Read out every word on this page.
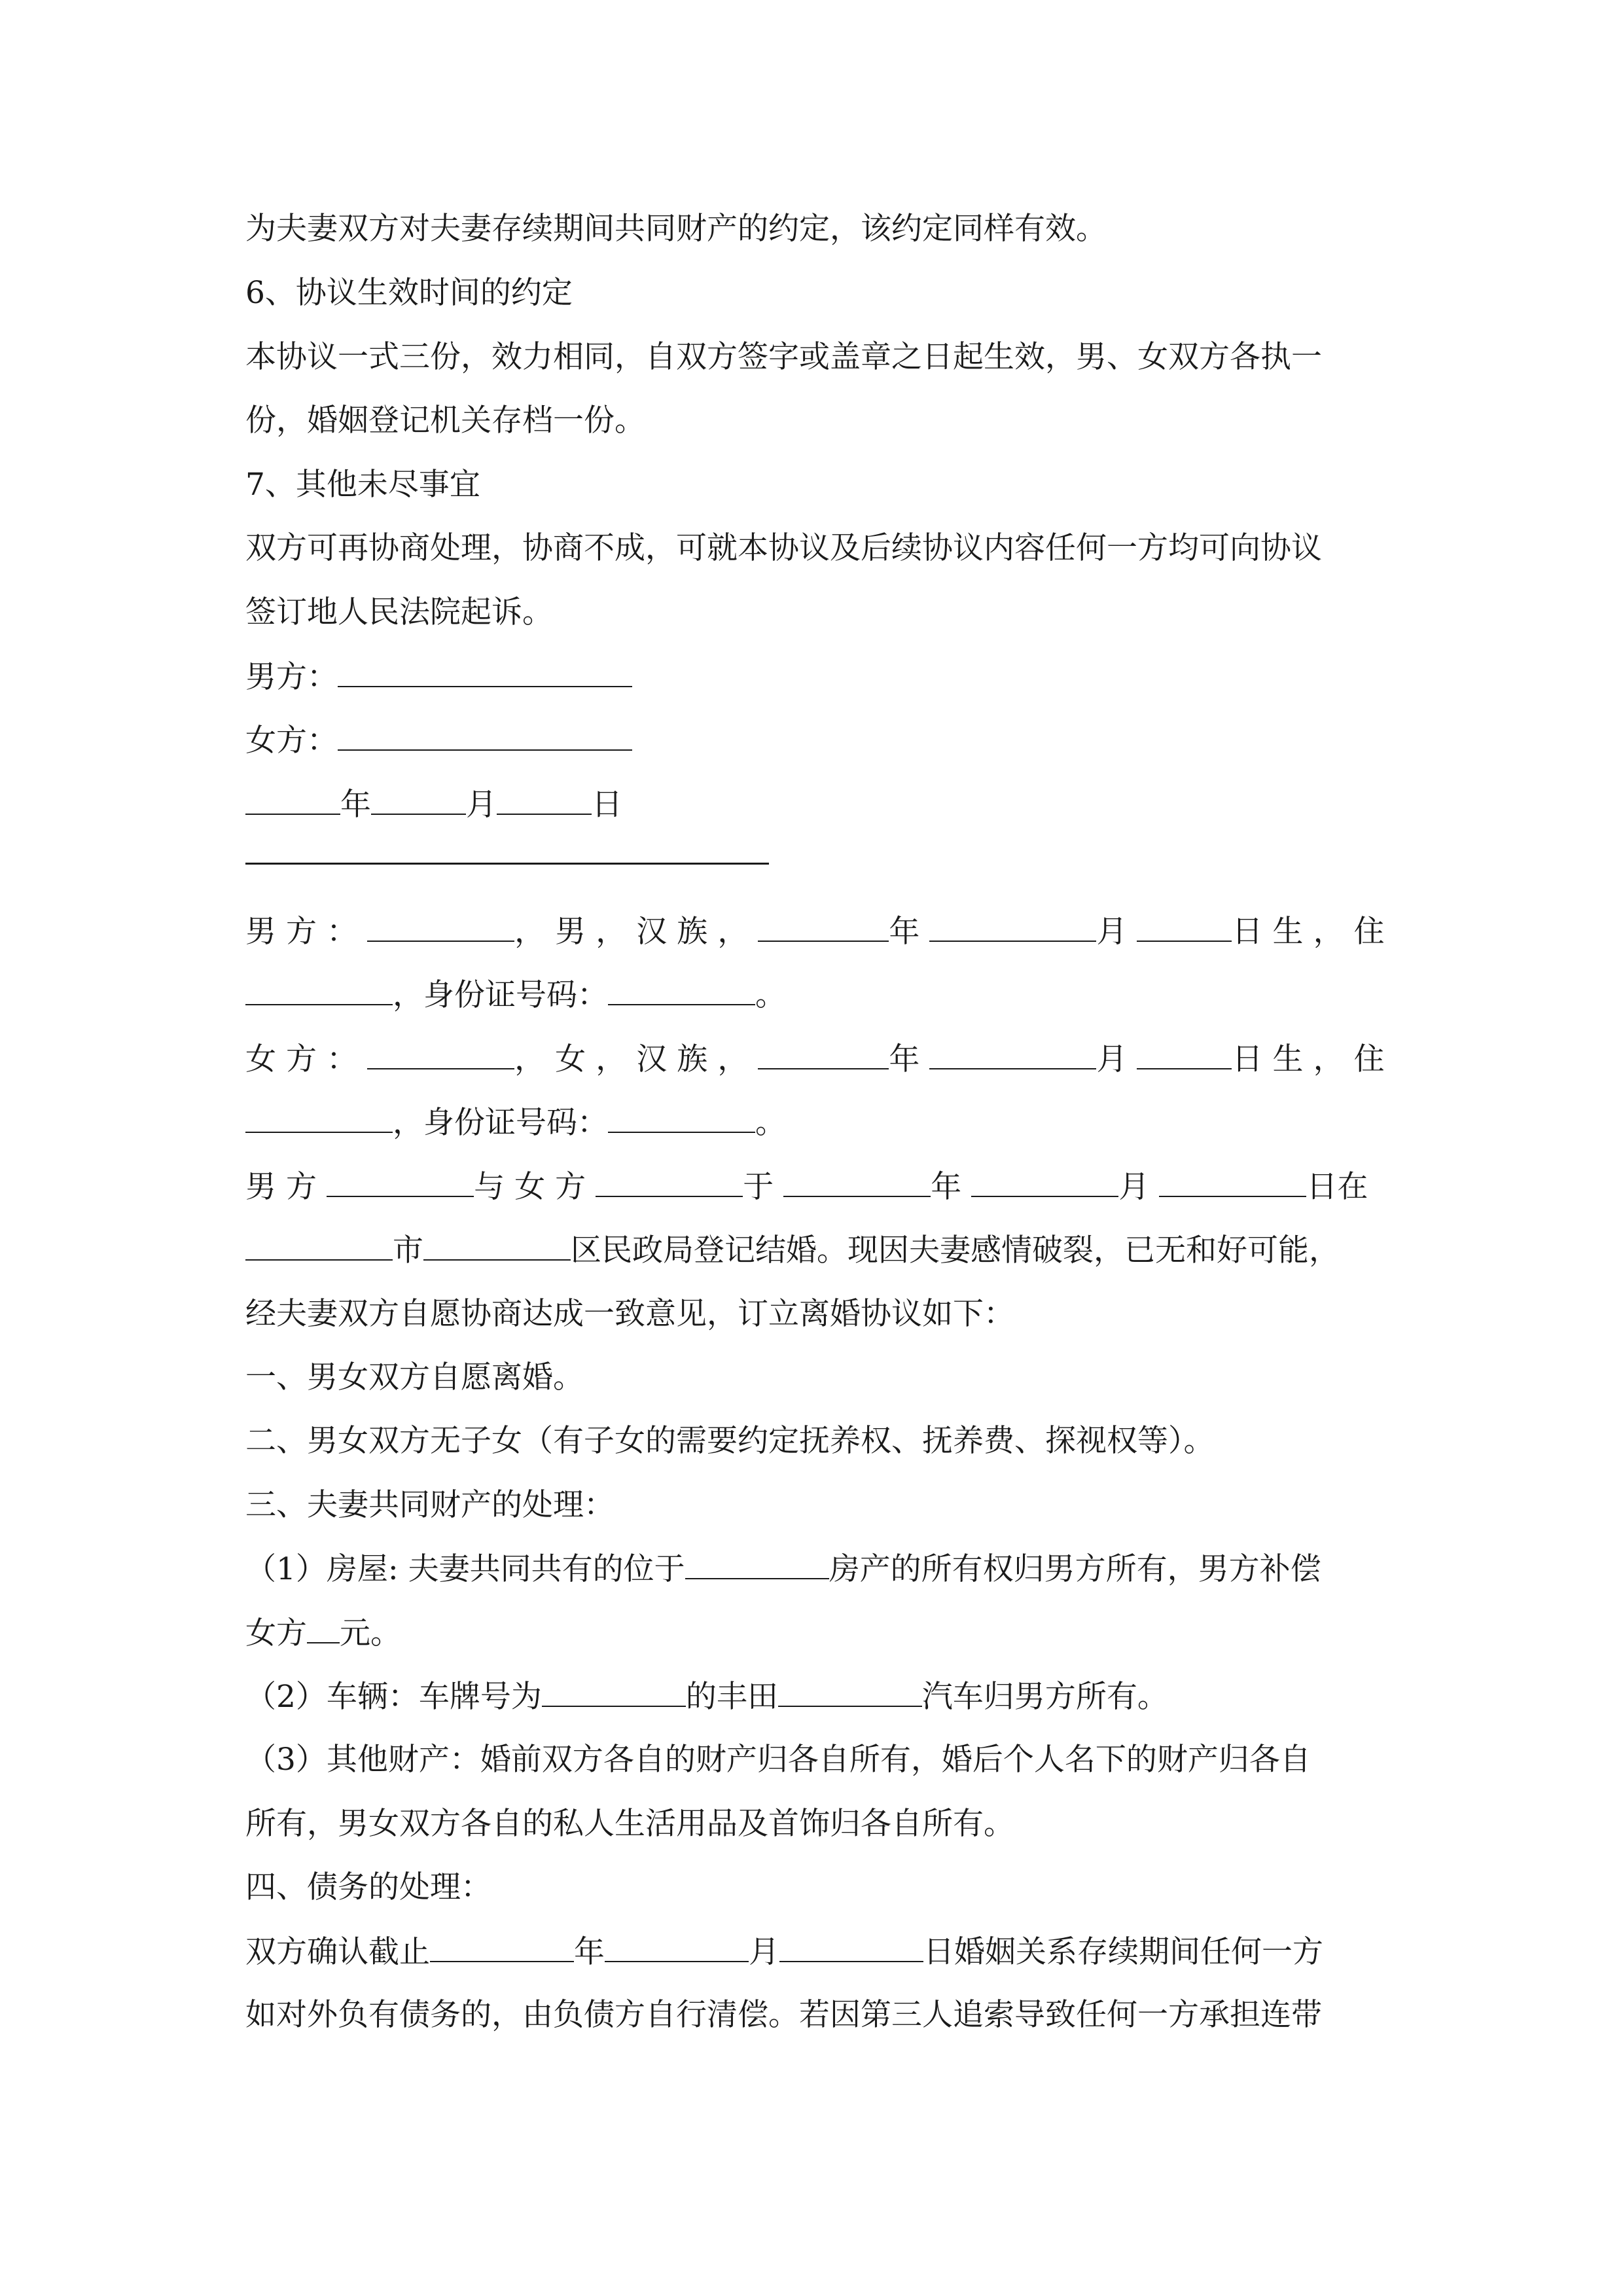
为夫妻双方对夫妻存续期间共同财产的约定，该约定同样有效。
6、协议生效时间的约定
本协议一式三份，效力相同，自双方签字或盖章之日起生效，男、女双方各执一
份，婚姻登记机关存档一份。
7、其他未尽事宜
双方可再协商处理，协商不成，可就本协议及后续协议内容任何一方均可向协议
签订地人民法院起诉。
男方：
女方：
年	月	日
男方：	，男，汉族，	年	月	日生，住
，身份证号码：	。
女方：	，女，汉族，	年	月	日生，住
，身份证号码：	。
男方	与女方	于	年	月	日在
市	区民政局登记结婚。现因夫妻感情破裂，已无和好可能，
经夫妻双方自愿协商达成一致意见，订立离婚协议如下：
一、男女双方自愿离婚。
二、男女双方无子女（有子女的需要约定抚养权、抚养费、探视权等）。
三、夫妻共同财产的处理：
（1）房屋: 夫妻共同共有的位于	房产的所有权归男方所有，男方补偿
女方 元。
（2）车辆：车牌号为	的丰田	汽车归男方所有。
（3）其他财产：婚前双方各自的财产归各自所有，婚后个人名下的财产归各自
所有，男女双方各自的私人生活用品及首饰归各自所有。
四、债务的处理：
双方确认截止	年	月	日婚姻关系存续期间任何一方
如对外负有债务的，由负债方自行清偿。若因第三人追索导致任何一方承担连带
